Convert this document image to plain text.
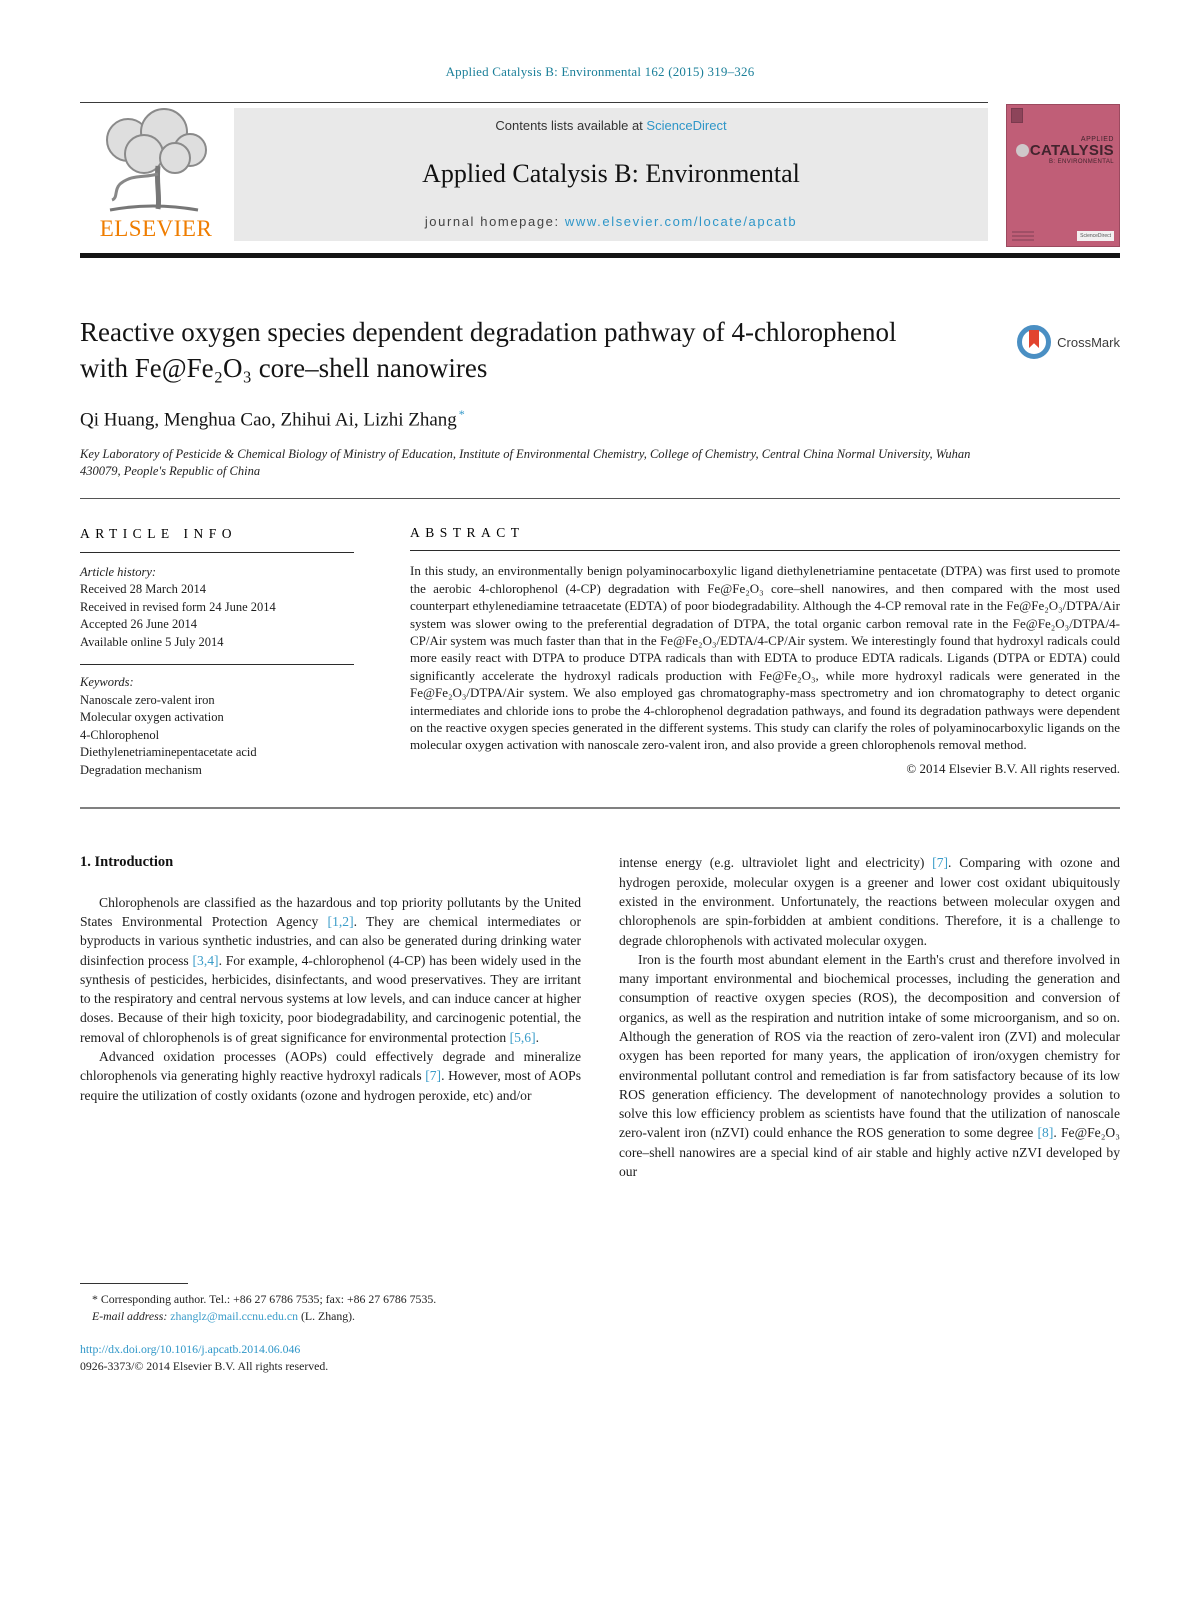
Applied Catalysis B: Environmental 162 (2015) 319–326
ELSEVIER
Contents lists available at ScienceDirect
Applied Catalysis B: Environmental
journal homepage: www.elsevier.com/locate/apcatb
APPLIED
CATALYSIS
B: ENVIRONMENTAL
ScienceDirect
Reactive oxygen species dependent degradation pathway of 4-chlorophenol with Fe@Fe₂O₃ core–shell nanowires
CrossMark
Qi Huang, Menghua Cao, Zhihui Ai, Lizhi Zhang *
Key Laboratory of Pesticide & Chemical Biology of Ministry of Education, Institute of Environmental Chemistry, College of Chemistry, Central China Normal University, Wuhan 430079, People's Republic of China
ARTICLE INFO
Article history:
Received 28 March 2014
Received in revised form 24 June 2014
Accepted 26 June 2014
Available online 5 July 2014
Keywords:
Nanoscale zero-valent iron
Molecular oxygen activation
4-Chlorophenol
Diethylenetriaminepentacetate acid
Degradation mechanism
ABSTRACT

In this study, an environmentally benign polyaminocarboxylic ligand diethylenetriamine pentacetate (DTPA) was first used to promote the aerobic 4-chlorophenol (4-CP) degradation with Fe@Fe₂O₃ core–shell nanowires, and then compared with the most used counterpart ethylenediamine tetraacetate (EDTA) of poor biodegradability. Although the 4-CP removal rate in the Fe@Fe₂O₃/DTPA/Air system was slower owing to the preferential degradation of DTPA, the total organic carbon removal rate in the Fe@Fe₂O₃/DTPA/4-CP/Air system was much faster than that in the Fe@Fe₂O₃/EDTA/4-CP/Air system. We interestingly found that hydroxyl radicals could more easily react with DTPA to produce DTPA radicals than with EDTA to produce EDTA radicals. Ligands (DTPA or EDTA) could significantly accelerate the hydroxyl radicals production with Fe@Fe₂O₃, while more hydroxyl radicals were generated in the Fe@Fe₂O₃/DTPA/Air system. We also employed gas chromatography-mass spectrometry and ion chromatography to detect organic intermediates and chloride ions to probe the 4-chlorophenol degradation pathways, and found its degradation pathways were dependent on the reactive oxygen species generated in the different systems. This study can clarify the roles of polyaminocarboxylic ligands on the molecular oxygen activation with nanoscale zero-valent iron, and also provide a green chlorophenols removal method.

© 2014 Elsevier B.V. All rights reserved.
1. Introduction

Chlorophenols are classified as the hazardous and top priority pollutants by the United States Environmental Protection Agency [1,2]. They are chemical intermediates or byproducts in various synthetic industries, and can also be generated during drinking water disinfection process [3,4]. For example, 4-chlorophenol (4-CP) has been widely used in the synthesis of pesticides, herbicides, disinfectants, and wood preservatives. They are irritant to the respiratory and central nervous systems at low levels, and can induce cancer at higher doses. Because of their high toxicity, poor biodegradability, and carcinogenic potential, the removal of chlorophenols is of great significance for environmental protection [5,6].

Advanced oxidation processes (AOPs) could effectively degrade and mineralize chlorophenols via generating highly reactive hydroxyl radicals [7]. However, most of AOPs require the utilization of costly oxidants (ozone and hydrogen peroxide, etc) and/or

* Corresponding author. Tel.: +86 27 6786 7535; fax: +86 27 6786 7535.
E-mail address: zhanglz@mail.ccnu.edu.cn (L. Zhang).
http://dx.doi.org/10.1016/j.apcatb.2014.06.046
0926-3373/© 2014 Elsevier B.V. All rights reserved.

intense energy (e.g. ultraviolet light and electricity) [7]. Comparing with ozone and hydrogen peroxide, molecular oxygen is a greener and lower cost oxidant ubiquitously existed in the environment. Unfortunately, the reactions between molecular oxygen and chlorophenols are spin-forbidden at ambient conditions. Therefore, it is a challenge to degrade chlorophenols with activated molecular oxygen.

Iron is the fourth most abundant element in the Earth's crust and therefore involved in many important environmental and biochemical processes, including the generation and consumption of reactive oxygen species (ROS), the decomposition and conversion of organics, as well as the respiration and nutrition intake of some microorganism, and so on. Although the generation of ROS via the reaction of zero-valent iron (ZVI) and molecular oxygen has been reported for many years, the application of iron/oxygen chemistry for environmental pollutant control and remediation is far from satisfactory because of its low ROS generation efficiency. The development of nanotechnology provides a solution to solve this low efficiency problem as scientists have found that the utilization of nanoscale zero-valent iron (nZVI) could enhance the ROS generation to some degree [8]. Fe@Fe₂O₃ core–shell nanowires are a special kind of air stable and highly active nZVI developed by our
